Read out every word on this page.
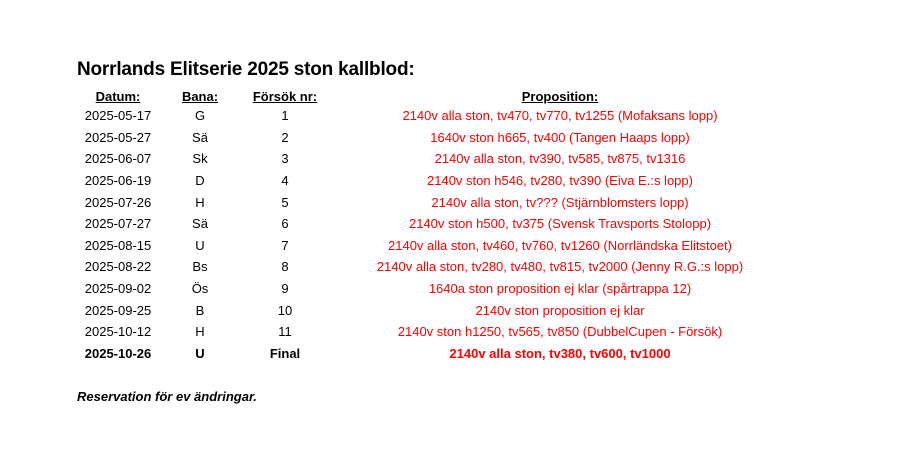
Norrlands Elitserie 2025 ston kallblod:
Datum:	Bana:	Försök nr:	Proposition:
2025-05-17	G	1	2140v alla ston, tv470, tv770, tv1255 (Mofaksans lopp)
2025-05-27	Sä	2	1640v ston h665, tv400 (Tangen Haaps lopp)
2025-06-07	Sk	3	2140v alla ston, tv390, tv585, tv875, tv1316
2025-06-19	D	4	2140v ston h546, tv280, tv390 (Eiva E.:s lopp)
2025-07-26	H	5	2140v alla ston, tv??? (Stjärnblomsters lopp)
2025-07-27	Sä	6	2140v ston h500, tv375 (Svensk Travsports Stolopp)
2025-08-15	U	7	2140v alla ston, tv460, tv760, tv1260 (Norrländska Elitstoet)
2025-08-22	Bs	8	2140v alla ston, tv280, tv480, tv815, tv2000 (Jenny R.G.:s lopp)
2025-09-02	Ös	9	1640a ston proposition ej klar (spårtrappa 12)
2025-09-25	B	10	2140v ston proposition ej klar
2025-10-12	H	11	2140v ston h1250, tv565, tv850 (DubbelCupen - Försök)
2025-10-26	U	Final	2140v alla ston, tv380, tv600, tv1000
Reservation för ev ändringar.
